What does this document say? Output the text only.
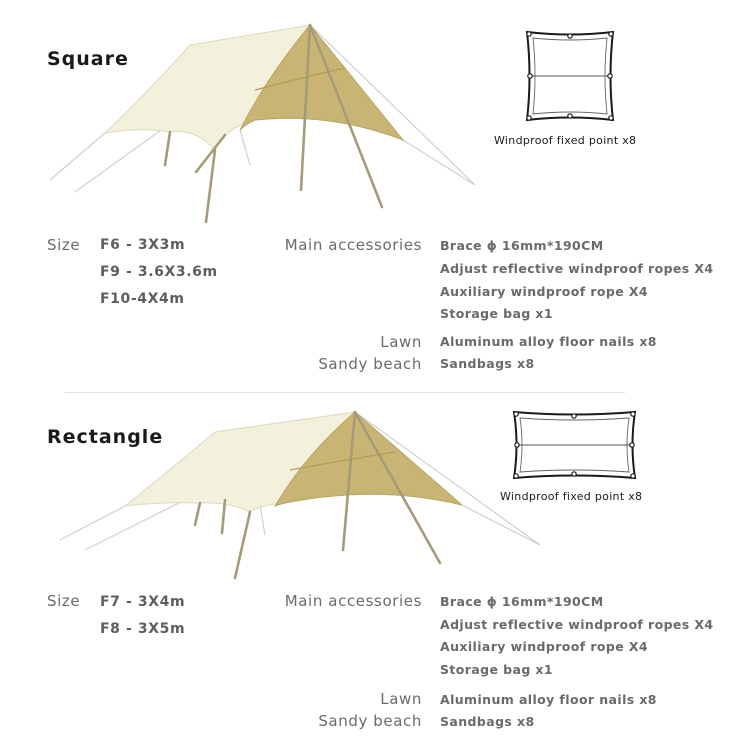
Square
Windproof fixed point x8
Size F6 - 3X3m
F9 - 3.6X3.6m
F10-4X4m
Main accessories Brace ϕ 16mm*190CM
Adjust reflective windproof ropes X4
Auxiliary windproof rope X4
Storage bag x1
Lawn Aluminum alloy floor nails x8
Sandy beach Sandbags x8
Rectangle
Windproof fixed point x8
Size F7 - 3X4m
F8 - 3X5m
Main accessories Brace ϕ 16mm*190CM
Adjust reflective windproof ropes X4
Auxiliary windproof rope X4
Storage bag x1
Lawn Aluminum alloy floor nails x8
Sandy beach Sandbags x8
